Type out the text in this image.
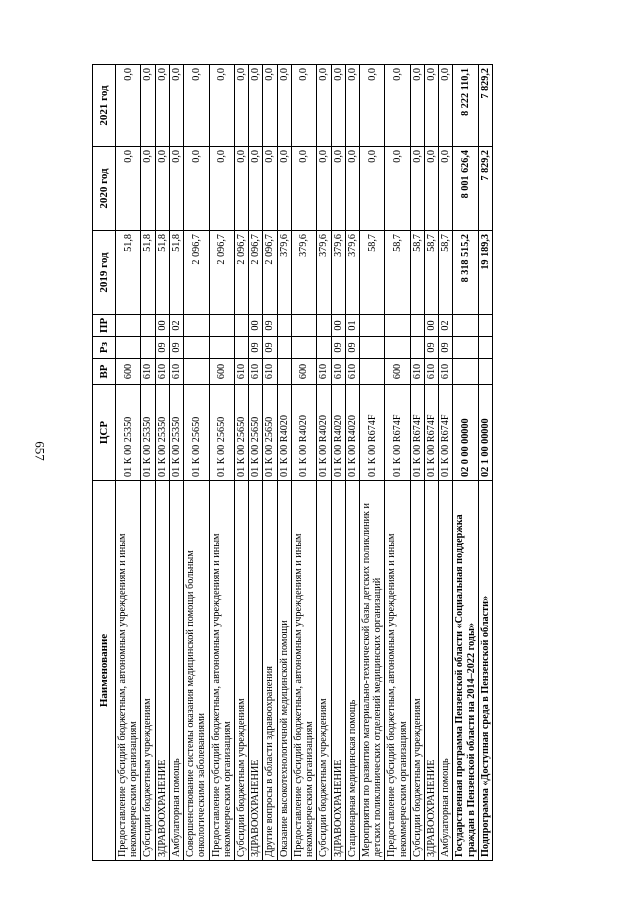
657
Наименование	ЦСР	ВР	Рз	ПР	2019 год	2020 год	2021 год
Предоставление субсидий бюджетным, автономным учреждениям и иным некоммерческим организациям	01 К 00 25350	600			51,8	0,0	0,0
Субсидии бюджетным учреждениям	01 К 00 25350	610			51,8	0,0	0,0
ЗДРАВООХРАНЕНИЕ	01 К 00 25350	610	09	00	51,8	0,0	0,0
Амбулаторная помощь	01 К 00 25350	610	09	02	51,8	0,0	0,0
Совершенствование системы оказания медицинской помощи больным онкологическими заболеваниями	01 К 00 25650				2 096,7	0,0	0,0
Предоставление субсидий бюджетным, автономным учреждениям и иным некоммерческим организациям	01 К 00 25650	600			2 096,7	0,0	0,0
Субсидии бюджетным учреждениям	01 К 00 25650	610			2 096,7	0,0	0,0
ЗДРАВООХРАНЕНИЕ	01 К 00 25650	610	09	00	2 096,7	0,0	0,0
Другие вопросы в области здравоохранения	01 К 00 25650	610	09	09	2 096,7	0,0	0,0
Оказание высокотехнологичной медицинской помощи	01 К 00 R4020				379,6	0,0	0,0
Предоставление субсидий бюджетным, автономным учреждениям и иным некоммерческим организациям	01 К 00 R4020	600			379,6	0,0	0,0
Субсидии бюджетным учреждениям	01 К 00 R4020	610			379,6	0,0	0,0
ЗДРАВООХРАНЕНИЕ	01 К 00 R4020	610	09	00	379,6	0,0	0,0
Стационарная медицинская помощь	01 К 00 R4020	610	09	01	379,6	0,0	0,0
Мероприятия по развитию материально-технической базы детских поликлиник и детских поликлинических отделений медицинских организаций	01 К 00 R674F				58,7	0,0	0,0
Предоставление субсидий бюджетным, автономным учреждениям и иным некоммерческим организациям	01 К 00 R674F	600			58,7	0,0	0,0
Субсидии бюджетным учреждениям	01 К 00 R674F	610			58,7	0,0	0,0
ЗДРАВООХРАНЕНИЕ	01 К 00 R674F	610	09	00	58,7	0,0	0,0
Амбулаторная помощь	01 К 00 R674F	610	09	02	58,7	0,0	0,0
Государственная программа Пензенской области «Социальная поддержка граждан в Пензенской области на 2014–2022 годы»	02 0 00 00000				8 318 515,2	8 001 626,4	8 222 110,1
Подпрограмма «Доступная среда в Пензенской области»	02 1 00 00000				19 189,3	7 829,2	7 829,2
